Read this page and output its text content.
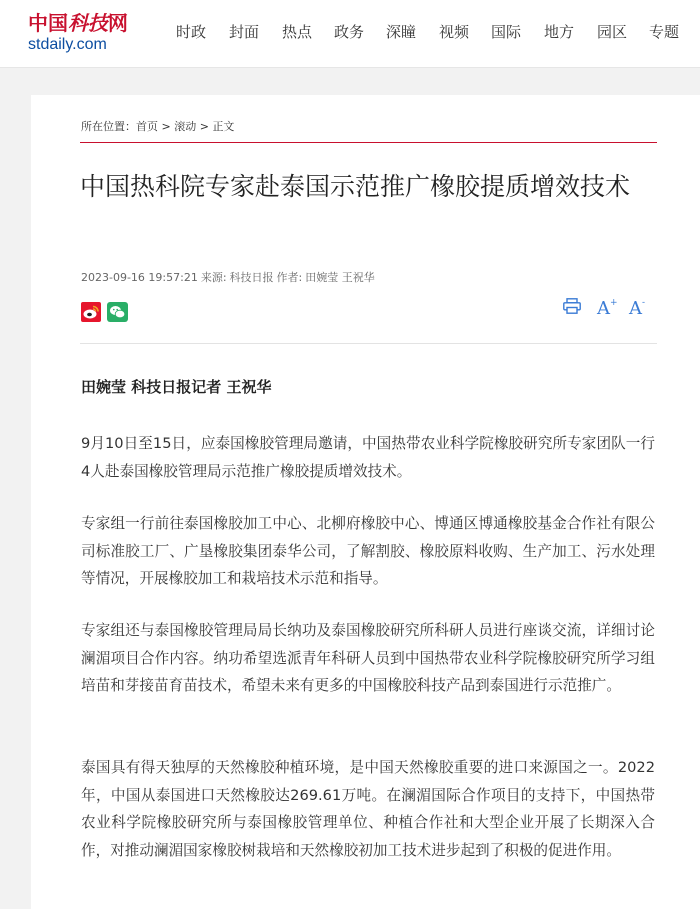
中国科技网
stdaily.com
时政 封面 热点 政务 深瞳 视频 国际 地方 园区 专题
所在位置：首页 > 滚动 > 正文
中国热科院专家赴泰国示范推广橡胶提质增效技术
2023-09-16 19:57:21 来源: 科技日报 作者: 田婉莹 王祝华
A+ A-

田婉莹 科技日报记者 王祝华

9月10日至15日，应泰国橡胶管理局邀请，中国热带农业科学院橡胶研究所专家团队一行4人赴泰国橡胶管理局示范推广橡胶提质增效技术。

专家组一行前往泰国橡胶加工中心、北柳府橡胶中心、博通区博通橡胶基金合作社有限公司标准胶工厂、广垦橡胶集团泰华公司，了解割胶、橡胶原料收购、生产加工、污水处理等情况，开展橡胶加工和栽培技术示范和指导。

专家组还与泰国橡胶管理局局长纳功及泰国橡胶研究所科研人员进行座谈交流，详细讨论澜湄项目合作内容。纳功希望选派青年科研人员到中国热带农业科学院橡胶研究所学习组培苗和芽接苗育苗技术，希望未来有更多的中国橡胶科技产品到泰国进行示范推广。

泰国具有得天独厚的天然橡胶种植环境，是中国天然橡胶重要的进口来源国之一。2022年，中国从泰国进口天然橡胶达269.61万吨。在澜湄国际合作项目的支持下，中国热带农业科学院橡胶研究所与泰国橡胶管理单位、种植合作社和大型企业开展了长期深入合作，对推动澜湄国家橡胶树栽培和天然橡胶初加工技术进步起到了积极的促进作用。
